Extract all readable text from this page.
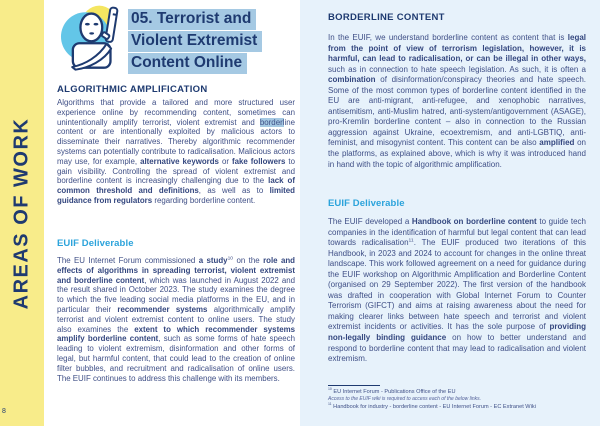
AREAS OF WORK
8
05. Terrorist and
Violent Extremist
Content Online
ALGORITHMIC AMPLIFICATION
Algorithms that provide a tailored and more structured user experience online by recommending content, sometimes can unintentionally amplify terrorist, violent extremist and borderline content or are intentionally exploited by malicious actors to disseminate their narratives. Thereby algorithmic recommender systems can potentially contribute to radicalisation. Malicious actors may use, for example, alternative keywords or fake followers to gain visibility. Controlling the spread of violent extremist and borderline content is increasingly challenging due to the lack of common threshold and definitions, as well as to limited guidance from regulators regarding borderline content.
EUIF Deliverable
The EU Internet Forum commissioned a study$^{10}$ on the role and effects of algorithms in spreading terrorist, violent extremist and borderline content, which was launched in August 2022 and the result shared in October 2023. The study examines the degree to which the five leading social media platforms in the EU, and in particular their recommender systems algorithmically amplify terrorist and violent extremist content to online users. The study also examines the extent to which recommender systems amplify borderline content, such as some forms of hate speech leading to violent extremism, disinformation and other forms of legal, but harmful content, that could lead to the creation of online filter bubbles, and recruitment and radicalisation of online users. The EUIF continues to address this challenge with its members.
BORDERLINE CONTENT
In the EUIF, we understand borderline content as content that is legal from the point of view of terrorism legislation, however, it is harmful, can lead to radicalisation, or can be illegal in other ways, such as in connection to hate speech legislation. As such, it is often a combination of disinformation/conspiracy theories and hate speech. Some of the most common types of borderline content identified in the EU are anti-migrant, anti-refugee, and xenophobic narratives, antisemitism, anti-Muslim hatred, anti-system/antigovernment (ASAGE), pro-Kremlin borderline content – also in connection to the Russian aggression against Ukraine, ecoextremism, and anti-LGBTIQ, anti-feminist, and misogynist content. This content can be also amplified on the platforms, as explained above, which is why it was introduced hand in hand with the topic of algorithmic amplification.
EUIF Deliverable
The EUIF developed a Handbook on borderline content to guide tech companies in the identification of harmful but legal content that can lead towards radicalisation$^{11}$. The EUIF produced two iterations of this Handbook, in 2023 and 2024 to account for changes in the online threat landscape. This work followed agreement on a need for guidance during the EUIF workshop on Algorithmic Amplification and Borderline Content (organised on 29 September 2022). The first version of the handbook was drafted in cooperation with Global Internet Forum to Counter Terrorism (GIFCT) and aims at raising awareness about the need for making clearer links between hate speech and terrorist and violent extremist incidents or activities. It has the sole purpose of providing non-legally binding guidance on how to better understand and respond to borderline content that may lead to radicalisation and violent extremism.
$^{10}$ EU Internet Forum - Publications Office of the EU
Access to the EUIF wiki is required to access each of the below links.
$^{11}$ Handbook for industry - borderline content - EU Internet Forum - EC Extranet Wiki
